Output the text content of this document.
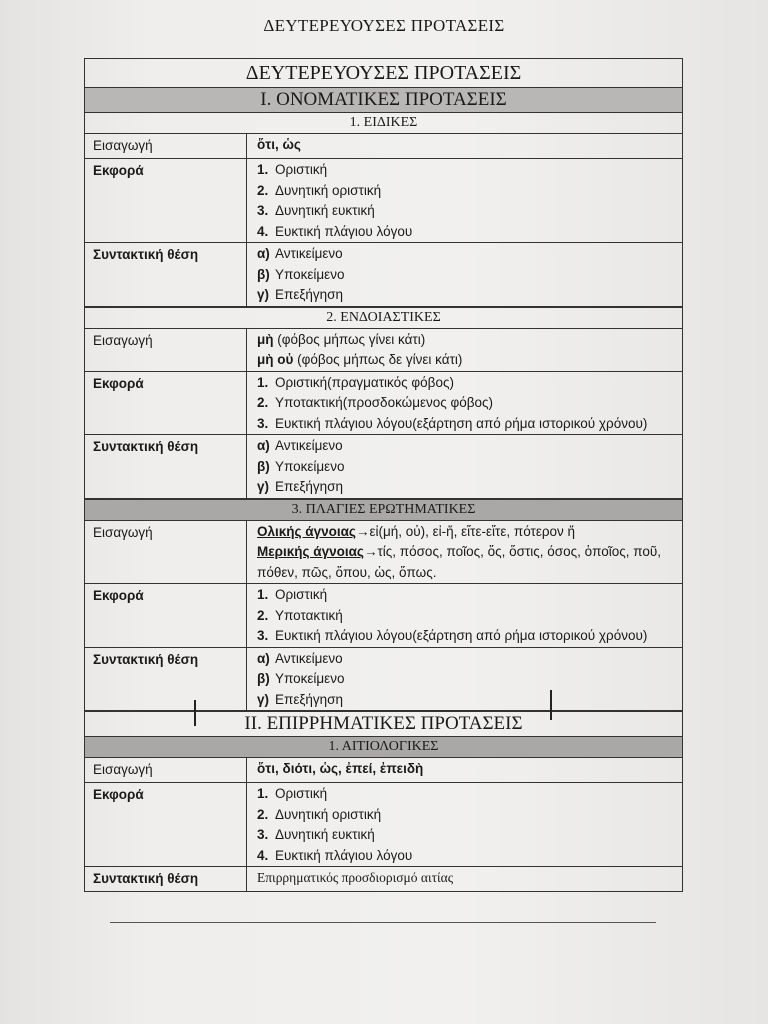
ΔΕΥΤΕΡΕΥΟΥΣΕΣ ΠΡΟΤΑΣΕΙΣ
ΔΕΥΤΕΡΕΥΟΥΣΕΣ ΠΡΟΤΑΣΕΙΣ
I. ΟΝΟΜΑΤΙΚΕΣ ΠΡΟΤΑΣΕΙΣ
1. ΕΙΔΙΚΕΣ
Εισαγωγή	ὅτι, ὡς
Εκφορά	1. Οριστική
2. Δυνητική οριστική
3. Δυνητική ευκτική
4. Ευκτική πλάγιου λόγου
Συντακτική θέση	α) Αντικείμενο
β) Υποκείμενο
γ) Επεξήγηση
2. ΕΝΔΟΙΑΣΤΙΚΕΣ
Εισαγωγή	μὴ (φόβος μήπως γίνει κάτι)
μὴ οὐ (φόβος μήπως δε γίνει κάτι)
Εκφορά	1. Οριστική(πραγματικός φόβος)
2. Υποτακτική(προσδοκώμενος φόβος)
3. Ευκτική πλάγιου λόγου(εξάρτηση από ρήμα ιστορικού χρόνου)
Συντακτική θέση	α) Αντικείμενο
β) Υποκείμενο
γ) Επεξήγηση
3. ΠΛΑΓΙΕΣ ΕΡΩΤΗΜΑΤΙΚΕΣ
Εισαγωγή	Ολικής άγνοιας→εἰ(μή, οὐ), εἰ-ἤ, εἴτε-εἴτε, πότερον ἤ
Μερικής άγνοιας→τίς, πόσος, ποῖος, ὅς, ὅστις, όσος, ὁποῖος, ποῦ, πόθεν, πῶς, ὅπου, ὡς, ὅπως.
Εκφορά	1. Οριστική
2. Υποτακτική
3. Ευκτική πλάγιου λόγου(εξάρτηση από ρήμα ιστορικού χρόνου)
Συντακτική θέση	α) Αντικείμενο
β) Υποκείμενο
γ) Επεξήγηση
II. ΕΠΙΡΡΗΜΑΤΙΚΕΣ ΠΡΟΤΑΣΕΙΣ
1. ΑΙΤΙΟΛΟΓΙΚΕΣ
Εισαγωγή	ὅτι, διότι, ὡς, ἐπεί, ἐπειδὴ
Εκφορά	1. Οριστική
2. Δυνητική οριστική
3. Δυνητική ευκτική
4. Ευκτική πλάγιου λόγου
Συντακτική θέση	Επιρρηματικός προσδιορισμό αιτίας
